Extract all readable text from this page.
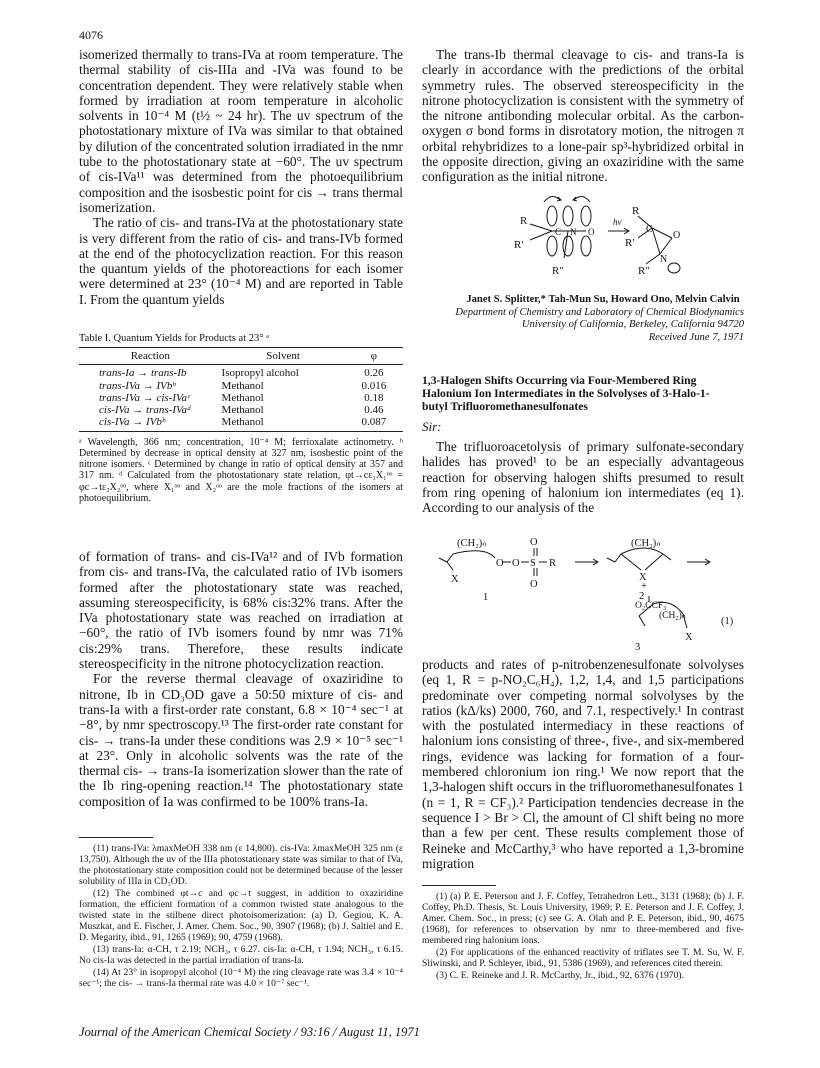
4076

isomerized thermally to trans-IVa at room temperature. The thermal stability of cis-IIIa and -IVa was found to be concentration dependent. They were relatively stable when formed by irradiation at room temperature in alcoholic solvents in 10⁻⁴ M (t½ ~ 24 hr). The uv spectrum of the photostationary mixture of IVa was similar to that obtained by dilution of the concentrated solution irradiated in the nmr tube to the photostationary state at −60°. The uv spectrum of cis-IVa¹¹ was determined from the photoequilibrium composition and the isosbestic point for cis → trans thermal isomerization.

The ratio of cis- and trans-IVa at the photostationary state is very different from the ratio of cis- and trans-IVb formed at the end of the photocyclization reaction. For this reason the quantum yields of the photoreactions for each isomer were determined at 23° (10⁻⁴ M) and are reported in Table I. From the quantum yields

Table I. Quantum Yields for Products at 23° ᵃ
Reaction	Solvent	φ
trans-Ia → trans-Ib	Isopropyl alcohol	0.26
trans-IVa → IVbᵇ	Methanol	0.016
trans-IVa → cis-IVaᶜ	Methanol	0.18
cis-IVa → trans-IVaᵈ	Methanol	0.46
cis-IVa → IVbᵇ	Methanol	0.087

ᵃ Wavelength, 366 nm; concentration, 10⁻⁴ M; ferrioxalate actinometry. ᵇ Determined by decrease in optical density at 327 nm, isosbestic point of the nitrone isomers. ᶜ Determined by change in ratio of optical density at 357 and 317 nm. ᵈ Calculated from the photostationary state relation, φt→cε₁X₁ᵒᵒ = φc→tε₂X₂ᵒᵒ, where X₁ᵒᵒ and X₂ᵒᵒ are the mole fractions of the isomers at photoequilibrium.

of formation of trans- and cis-IVa¹² and of IVb formation from cis- and trans-IVa, the calculated ratio of IVb isomers formed after the photostationary state was reached, assuming stereospecificity, is 68% cis:32% trans. After the IVa photostationary state was reached on irradiation at −60°, the ratio of IVb isomers found by nmr was 71% cis:29% trans. Therefore, these results indicate stereospecificity in the nitrone photocyclization reaction.

For the reverse thermal cleavage of oxaziridine to nitrone, Ib in CD₃OD gave a 50:50 mixture of cis- and trans-Ia with a first-order rate constant, 6.8 × 10⁻⁴ sec⁻¹ at −8°, by nmr spectroscopy.¹³ The first-order rate constant for cis- → trans-Ia under these conditions was 2.9 × 10⁻⁵ sec⁻¹ at 23°. Only in alcoholic solvents was the rate of the thermal cis- → trans-Ia isomerization slower than the rate of the Ib ring-opening reaction.¹⁴ The photostationary state composition of Ia was confirmed to be 100% trans-Ia.

(11) trans-IVa: λmaxMeOH 338 nm (ε 14,800). cis-IVa: λmaxMeOH 325 nm (ε 13,750). Although the uv of the IIIa photostationary state was similar to that of IVa, the photostationary state composition could not be determined because of the lesser solubility of IIIa in CD₃OD.

(12) The combined φt→c and φc→t suggest, in addition to oxaziridine formation, the efficient formation of a common twisted state analogous to the twisted state in the stilbene direct photoisomerization: (a) D. Gegiou, K. A. Muszkat, and E. Fischer, J. Amer. Chem. Soc., 90, 3907 (1968); (b) J. Saltiel and E. D. Megarity, ibid., 91, 1265 (1969); 90, 4759 (1968).

(13) trans-Ia: α-CH, τ 2.19; NCH₃, τ 6.27. cis-Ia: α-CH, τ 1.94; NCH₃, τ 6.15. No cis-Ia was detected in the partial irradiation of trans-Ia.

(14) At 23° in isopropyl alcohol (10⁻⁴ M) the ring cleavage rate was 3.4 × 10⁻⁴ sec⁻¹; the cis- → trans-Ia thermal rate was 4.0 × 10⁻⁷ sec⁻¹.

The trans-Ib thermal cleavage to cis- and trans-Ia is clearly in accordance with the predictions of the orbital symmetry rules. The observed stereospecificity in the nitrone photocyclization is consistent with the symmetry of the nitrone antibonding molecular orbital. As the carbon-oxygen σ bond forms in disrotatory motion, the nitrogen π orbital rehybridizes to a lone-pair sp³-hybridized orbital in the opposite direction, giving an oxaziridine with the same configuration as the initial nitrone.

R
R′
C N O
R″
hν
R
C
O
R′
N
R″
Janet S. Splitter,* Tah-Mun Su, Howard Ono, Melvin Calvin
Department of Chemistry and Laboratory of Chemical Biodynamics
University of California, Berkeley, California 94720
Received June 7, 1971
1,3-Halogen Shifts Occurring via Four-Membered Ring Halonium Ion Intermediates in the Solvolyses of 3-Halo-1-butyl Trifluoromethanesulfonates
Sir:

The trifluoroacetolysis of primary sulfonate-secondary halides has proved¹ to be an especially advantageous reaction for observing halogen shifts presumed to result from ring opening of halonium ion intermediates (eq 1). According to our analysis of the

(CH₂)ₙ
X
O O S
O
O
R
1
(CH₂)ₙ
X
+
2
O₂CCF₃
(CH₂)ₙ
X
(1)
3

products and rates of p-nitrobenzenesulfonate solvolyses (eq 1, R = p-NO₂C₆H₄), 1,2, 1,4, and 1,5 participations predominate over competing normal solvolyses by the ratios (kΔ/ks) 2000, 760, and 7.1, respectively.¹ In contrast with the postulated intermediacy in these reactions of halonium ions consisting of three-, five-, and six-membered rings, evidence was lacking for formation of a four-membered chloronium ion ring.¹ We now report that the 1,3-halogen shift occurs in the trifluoromethanesulfonates 1 (n = 1, R = CF₃).² Participation tendencies decrease in the sequence I > Br > Cl, the amount of Cl shift being no more than a few per cent. These results complement those of Reineke and McCarthy,³ who have reported a 1,3-bromine migration

(1) (a) P. E. Peterson and J. F. Coffey, Tetrahedron Lett., 3131 (1968); (b) J. F. Coffey, Ph.D. Thesis, St. Louis University, 1969; P. E. Peterson and J. F. Coffey, J. Amer. Chem. Soc., in press; (c) see G. A. Olah and P. E. Peterson, ibid., 90, 4675 (1968), for references to observation by nmr to three-membered and five-membered ring halonium ions.

(2) For applications of the enhanced reactivity of triflates see T. M. Su, W. F. Sliwinski, and P. Schleyer, ibid., 91, 5386 (1969), and references cited therein.

(3) C. E. Reineke and J. R. McCarthy, Jr., ibid., 92, 6376 (1970).

Journal of the American Chemical Society / 93:16 / August 11, 1971
